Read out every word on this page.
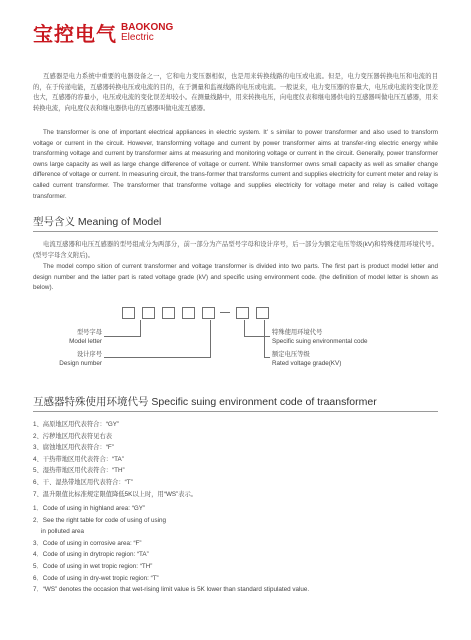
宝控电气 BAOKONG
Electric

互感器是电力系统中重要的电器设备之一，它和电力变压器相似，也是用来转换线路的电压或电流。但是，电力变压器转换电压和电流的目的，在于传递电能，互感器转换电压或电流的目的，在于测量和监视线路的电压或电流。一般说来，电力变压器的容量大，电压或电流的变化误差也大，互感器的容量小，电压或电流的变化误差却较小。在测量线路中，用来转换电压，向电度仪表和继电器供电的互感器叫做电压互感器，用来转换电流，向电度仪表和继电器供电的互感器叫做电流互感器。

The transformer is one of important electrical appliances in electric system. It' s similar to power transformer and also used to transform voltage or current in the circuit. However, transforming voltage and current by power transformer aims at transfer-ring electric energy while transforming voltage and current by transformer aims at measuring and monitoring voltage or current in the circuit. Generally, power transformer owns large capacity as well as large change difference of voltage or current. While transformer owns small capacity as well as smaller change difference of voltage or current. In measuring circuit, the trans-former that transforms current and supplies electricity for current meter and relay is called current transformer. The transformer that transforme voltage and supplies electricity for voltage meter and relay is called voltage transformer.

型号含义 Meaning of Model

电流互感器和电压互感器的型号组成分为两部分，前一部分为产品型号字母和设计序号，后一部分为额定电压等级(kV)和特殊使用环境代号。(型号字母含义附后)。

The model compo sition of current transformer and voltage transformer is divided into two parts. The first part is product model letter and design number and the latter part is rated voltage grade (kV) and specific using environment code. (the definition of model letter is shown as below).

型号字母
Model letter
设计序号
Design number
特殊使用环境代号
Specific suing environmental code
额定电压等级
Rated voltage grade(KV)
互感器特殊使用环境代号 Specific suing environment code of traansformer
1、高原地区用代表符合：“GY”
2、污秽地区用代表符见右表
3、腐蚀地区用代表符合：“F”
4、干热带地区用代表符合：“TA”
5、湿热带地区用代表符合：“TH”
6、干、湿热带地区用代表符合：“T”
7、温升限值比标准规定限值降低5K以上时，用“WS”表示。
1．Code of using in highland area: “GY”
2．See the right table for code of using of using
in polluted area
3．Code of using in corrosive area: “F”
4．Code of using in drytropic region: “TA”
5．Code of using in wet tropic region: “TH”
6．Code of using in dry-wet tropic region: “T”
7．“WS” denotes the occasion that wet-rising limit value is 5K lower than standard stipulated value.
